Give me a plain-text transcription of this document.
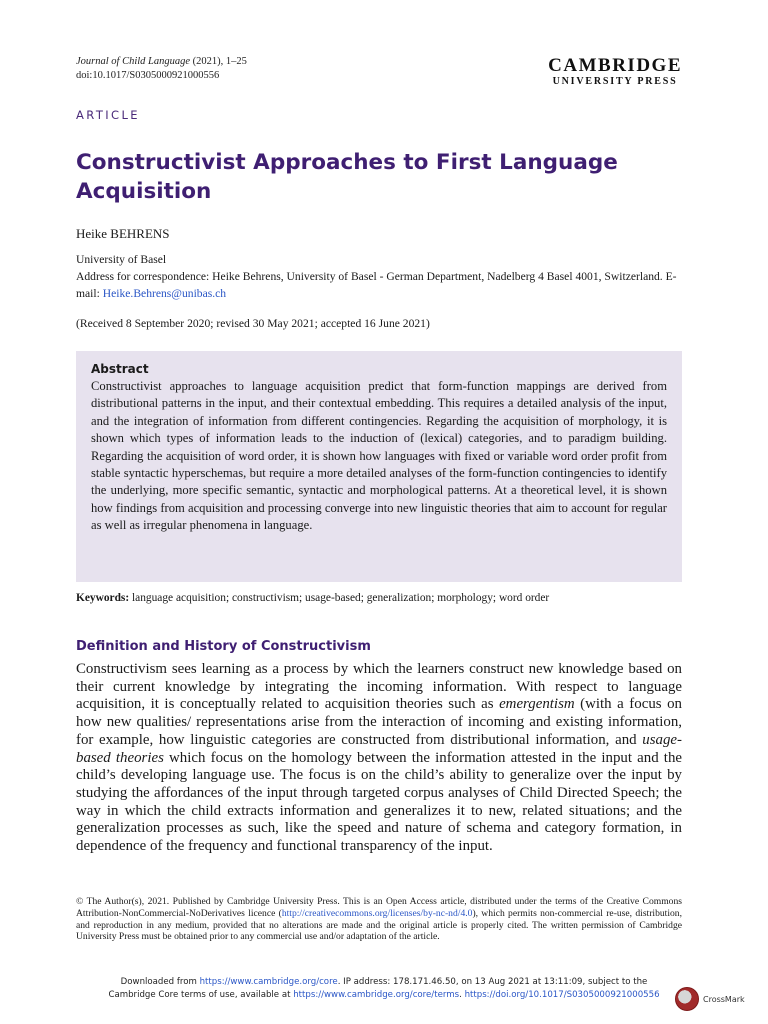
Journal of Child Language (2021), 1–25
doi:10.1017/S0305000921000556	CAMBRIDGE
UNIVERSITY PRESS
ARTICLE
Constructivist Approaches to First Language Acquisition
Heike BEHRENS
University of Basel
Address for correspondence: Heike Behrens, University of Basel - German Department, Nadelberg 4 Basel 4001, Switzerland. E-mail: Heike.Behrens@unibas.ch
(Received 8 September 2020; revised 30 May 2021; accepted 16 June 2021)
Abstract
Constructivist approaches to language acquisition predict that form-function mappings are derived from distributional patterns in the input, and their contextual embedding. This requires a detailed analysis of the input, and the integration of information from different contingencies. Regarding the acquisition of morphology, it is shown which types of information leads to the induction of (lexical) categories, and to paradigm building. Regarding the acquisition of word order, it is shown how languages with fixed or variable word order profit from stable syntactic hyperschemas, but require a more detailed analyses of the form-function contingencies to identify the underlying, more specific semantic, syntactic and morphological patterns. At a theoretical level, it is shown how findings from acquisition and processing converge into new linguistic theories that aim to account for regular as well as irregular phenomena in language.
Keywords: language acquisition; constructivism; usage-based; generalization; morphology; word order
Definition and History of Constructivism

Constructivism sees learning as a process by which the learners construct new knowledge based on their current knowledge by integrating the incoming information. With respect to language acquisition, it is conceptually related to acquisition theories such as emergentism (with a focus on how new qualities/ representations arise from the interaction of incoming and existing information, for example, how linguistic categories are constructed from distributional information, and usage-based theories which focus on the homology between the information attested in the input and the child’s developing language use. The focus is on the child’s ability to generalize over the input by studying the affordances of the input through targeted corpus analyses of Child Directed Speech; the way in which the child extracts information and generalizes it to new, related situations; and the generalization processes as such, like the speed and nature of schema and category formation, in dependence of the frequency and functional transparency of the input.

© The Author(s), 2021. Published by Cambridge University Press. This is an Open Access article, distributed under the terms of the Creative Commons Attribution-NonCommercial-NoDerivatives licence (http://creativecommons.org/licenses/by-nc-nd/4.0), which permits non-commercial re-use, distribution, and reproduction in any medium, provided that no alterations are made and the original article is properly cited. The written permission of Cambridge University Press must be obtained prior to any commercial use and/or adaptation of the article.
Downloaded from https://www.cambridge.org/core. IP address: 178.171.46.50, on 13 Aug 2021 at 13:11:09, subject to the
Cambridge Core terms of use, available at https://www.cambridge.org/core/terms. https://doi.org/10.1017/S0305000921000556	CrossMark
